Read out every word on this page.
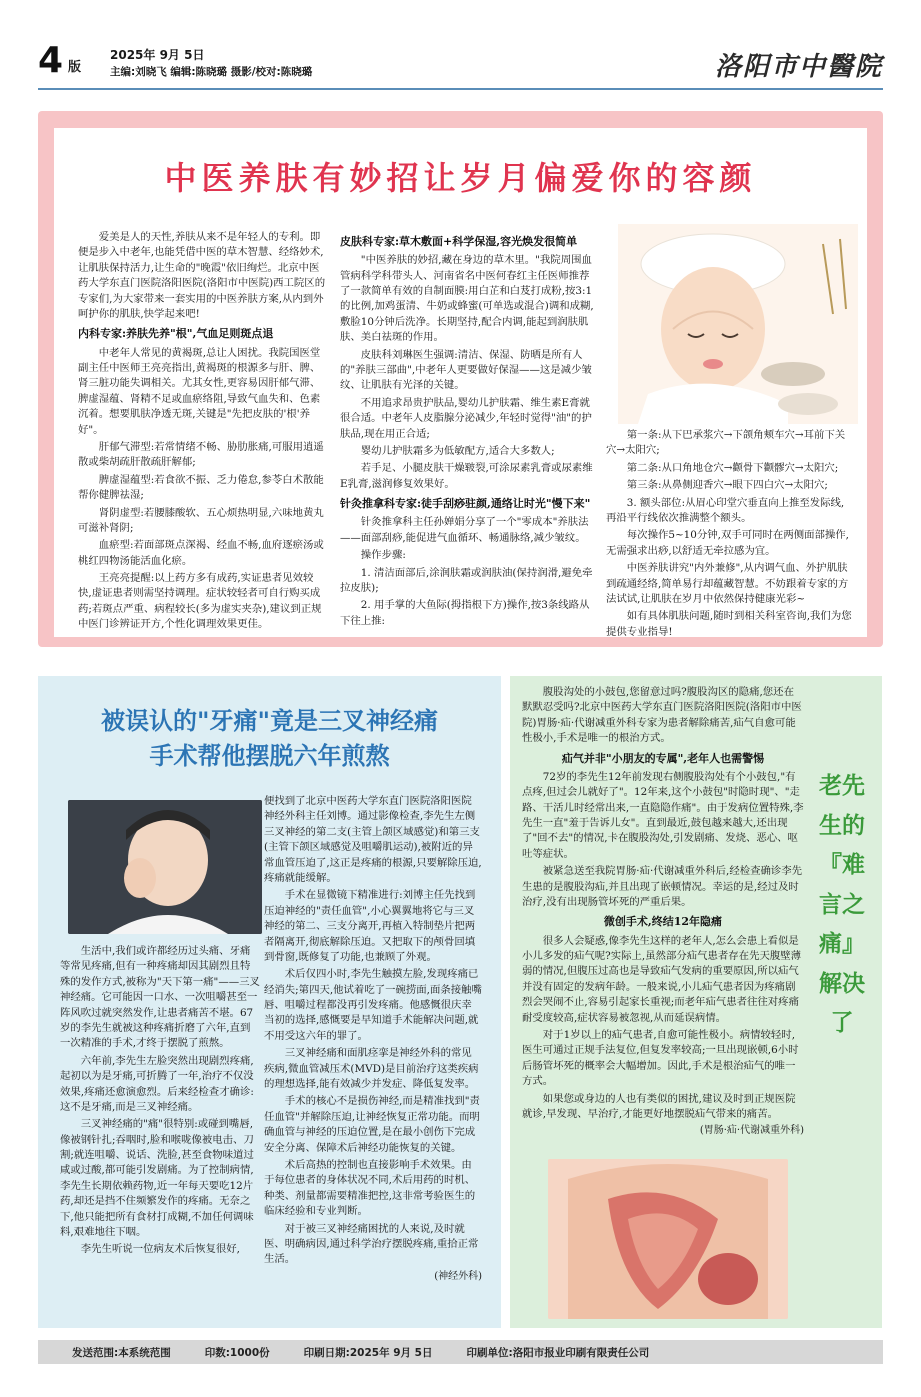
4 版
2025年 9月 5日
主编:刘晓飞 编辑:陈晓璐 摄影/校对:陈晓璐	洛阳市中醫院
中医养肤有妙招让岁月偏爱你的容颜

爱美是人的天性,养肤从来不是年轻人的专利。即便是步入中老年,也能凭借中医的草木智慧、经络妙术,让肌肤保持活力,让生命的"晚霞"依旧绚烂。北京中医药大学东直门医院洛阳医院(洛阳市中医院)西工院区的专家们,为大家带来一套实用的中医养肤方案,从内到外呵护你的肌肤,快学起来吧!

内科专家:养肤先养"根",气血足则斑点退

中老年人常见的黄褐斑,总让人困扰。我院国医堂副主任中医师王亮亮指出,黄褐斑的根源多与肝、脾、肾三脏功能失调相关。尤其女性,更容易因肝郁气滞、脾虚湿蕴、肾精不足或血瘀络阻,导致气血失和、色素沉着。想要肌肤净透无斑,关键是"先把皮肤的'根'养好"。

肝郁气滞型:若常情绪不畅、胁肋胀痛,可服用逍遥散或柴胡疏肝散疏肝解郁;

脾虚湿蕴型:若食欲不振、乏力倦怠,参苓白术散能帮你健脾祛湿;

肾阴虚型:若腰膝酸软、五心烦热明显,六味地黄丸可滋补肾阴;

血瘀型:若面部斑点深褐、经血不畅,血府逐瘀汤或桃红四物汤能活血化瘀。

王亮亮提醒:以上药方多有成药,实证患者见效较快,虚证患者则需坚持调理。症状较轻者可自行购买成药;若斑点严重、病程较长(多为虚实夹杂),建议到正规中医门诊辨证开方,个性化调理效果更佳。

皮肤科专家:草木敷面+科学保湿,容光焕发很简单

"中医养肤的妙招,藏在身边的草木里。"我院周围血管病科学科带头人、河南省名中医何春红主任医师推荐了一款简单有效的自制面膜:用白芷和白芨打成粉,按3:1的比例,加鸡蛋清、牛奶或蜂蜜(可单选或混合)调和成糊,敷脸10分钟后洗净。长期坚持,配合内调,能起到润肤肌肤、美白祛斑的作用。

皮肤科刘琳医生强调:清洁、保湿、防晒是所有人的"养肤三部曲",中老年人更要做好保湿——这是减少皱纹、让肌肤有光泽的关键。

不用追求昂贵护肤品,婴幼儿护肤霜、维生素E膏就很合适。中老年人皮脂腺分泌减少,年轻时觉得"油"的护肤品,现在用正合适;

婴幼儿护肤霜多为低敏配方,适合大多数人;

若手足、小腿皮肤干燥皲裂,可涂尿素乳膏或尿素维E乳膏,滋润修复效果好。

针灸推拿科专家:徒手刮痧驻颜,通络让时光"慢下来"

针灸推拿科主任孙婵娟分享了一个"零成本"养肤法——面部刮痧,能促进气血循环、畅通脉络,减少皱纹。

操作步骤:

1. 清洁面部后,涂润肤霜或润肤油(保持润滑,避免牵拉皮肤);

2. 用手掌的大鱼际(拇指根下方)操作,按3条线路从下往上推:

第一条:从下巴承浆穴→下颌角颊车穴→耳前下关穴→太阳穴;

第二条:从口角地仓穴→颧骨下颧髎穴→太阳穴;

第三条:从鼻侧迎香穴→眼下四白穴→太阳穴;

3. 额头部位:从眉心印堂穴垂直向上推至发际线,再沿平行线依次推满整个额头。

每次操作5~10分钟,双手可同时在两侧面部操作,无需强求出痧,以舒适无牵拉感为宜。

中医养肤讲究"内外兼修",从内调气血、外护肌肤到疏通经络,简单易行却蕴藏智慧。不妨跟着专家的方法试试,让肌肤在岁月中依然保持健康光彩~

如有具体肌肤问题,随时到相关科室咨询,我们为您提供专业指导!

被误认的"牙痛"竟是三叉神经痛
手术帮他摆脱六年煎熬

生活中,我们或许都经历过头痛、牙痛等常见疼痛,但有一种疼痛却因其剧烈且特殊的发作方式,被称为"天下第一痛"——三叉神经痛。它可能因一口水、一次咀嚼甚至一阵风吹过就突然发作,让患者痛苦不堪。67岁的李先生就被这种疼痛折磨了六年,直到一次精准的手术,才终于摆脱了煎熬。

六年前,李先生左脸突然出现剧烈疼痛,起初以为是牙痛,可折腾了一年,治疗不仅没效果,疼痛还愈演愈烈。后来经检查才确诊:这不是牙痛,而是三叉神经痛。

三叉神经痛的"痛"很特别:或碰到嘴唇,像被钢针扎;吞咽时,脸和喉咙像被电击、刀割;就连咀嚼、说话、洗脸,甚至食物味道过咸或过酸,都可能引发剧痛。为了控制病情,李先生长期依赖药物,近一年每天要吃12片药,却还是挡不住频繁发作的疼痛。无奈之下,他只能把所有食材打成糊,不加任何调味料,艰难地往下咽。

李先生听说一位病友术后恢复很好,

便找到了北京中医药大学东直门医院洛阳医院神经外科主任刘博。通过影像检查,李先生左侧三叉神经的第二支(主管上颌区域感觉)和第三支(主管下颌区域感觉及咀嚼肌运动),被附近的异常血管压迫了,这正是疼痛的根源,只要解除压迫,疼痛就能缓解。

手术在显微镜下精准进行:刘博主任先找到压迫神经的"责任血管",小心翼翼地将它与三叉神经的第二、三支分离开,再植入特制垫片把两者隔离开,彻底解除压迫。又把取下的颅骨回填到骨窗,既修复了功能,也兼顾了外观。

术后仅四小时,李先生触摸左脸,发现疼痛已经消失;第四天,他试着吃了一碗捞面,面条接触嘴唇、咀嚼过程都没再引发疼痛。他感慨很庆幸当初的选择,感慨要是早知道手术能解决问题,就不用受这六年的罪了。

三叉神经痛和面肌痉挛是神经外科的常见疾病,微血管减压术(MVD)是目前治疗这类疾病的理想选择,能有效减少并发症、降低复发率。

手术的核心不是损伤神经,而是精准找到"责任血管"并解除压迫,让神经恢复正常功能。而明确血管与神经的压迫位置,是在最小创伤下完成安全分离、保障术后神经功能恢复的关键。

术后高热的控制也直接影响手术效果。由于每位患者的身体状况不同,术后用药的时机、种类、剂量都需要精准把控,这非常考验医生的临床经验和专业判断。

对于被三叉神经痛困扰的人来说,及时就医、明确病因,通过科学治疗摆脱疼痛,重拾正常生活。

(神经外科)

腹股沟处的小鼓包,您留意过吗?腹股沟区的隐痛,您还在默默忍受吗?北京中医药大学东直门医院洛阳医院(洛阳市中医院)胃肠·疝·代谢减重外科专家为患者解除痛苦,疝气自愈可能性极小,手术是唯一的根治方式。

疝气并非"小朋友的专属",老年人也需警惕

72岁的李先生12年前发现右侧腹股沟处有个小鼓包,"有点疼,但过会儿就好了"。12年来,这个小鼓包"时隐时现"、"走路、干活儿时经常出来,一直隐隐作痛"。由于发病位置特殊,李先生一直"羞于告诉儿女"。直到最近,鼓包越来越大,还出现了"回不去"的情况,卡在腹股沟处,引发剧痛、发烧、恶心、呕吐等症状。

被紧急送至我院胃肠·疝·代谢减重外科后,经检查确诊李先生患的是腹股沟疝,并且出现了嵌顿情况。幸运的是,经过及时治疗,没有出现肠管坏死的严重后果。

微创手术,终结12年隐痛

很多人会疑惑,像李先生这样的老年人,怎么会患上看似是小儿多发的疝气呢?实际上,虽然部分疝气患者存在先天腹壁薄弱的情况,但腹压过高也是导致疝气发病的重要原因,所以疝气并没有固定的发病年龄。一般来说,小儿疝气患者因为疼痛剧烈会哭闹不止,容易引起家长重视;而老年疝气患者往往对疼痛耐受度较高,症状容易被忽视,从而延误病情。

对于1岁以上的疝气患者,自愈可能性极小。病情较轻时,医生可通过正规手法复位,但复发率较高;一旦出现嵌顿,6小时后肠管坏死的概率会大幅增加。因此,手术是根治疝气的唯一方式。

如果您或身边的人也有类似的困扰,建议及时到正规医院就诊,早发现、早治疗,才能更好地摆脱疝气带来的痛苦。

(胃肠·疝·代谢减重外科)
老先生的『难言之痛』解决了
发送范围:本系统范围	印数:1000份	印刷日期:2025年 9月 5日	印刷单位:洛阳市报业印刷有限责任公司
